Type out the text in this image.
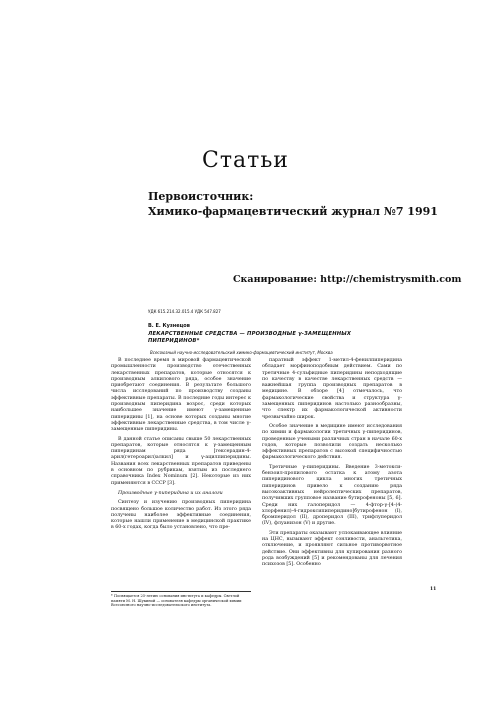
Статьи
Первоисточник:
Химико-фармацевтический журнал №7 1991
Сканирование: http://chemistrysmith.com
УДК 615.214.32.015.4 УДК 547.827
В. Е. Кузнецов
ЛЕКАРСТВЕННЫЕ СРЕДСТВА — ПРОИЗВОДНЫЕ γ-ЗАМЕЩЕННЫХ ПИПЕРИДИНОВ*
Всесоюзный научно-исследовательский химико-фармацевтический институт, Москва

В последнее время в мировой фармацевтической промышленности производство отечественных лекарственных препаратов, которые относятся к производным алкилового ряда, особое значение приобретают соединения. В результате большого числа исследований по производству созданы эффективные препараты. В последние годы интерес к производным пиперидина возрос, среди которых наибольшее значение имеют γ-замещенные пиперидины [1], на основе которых созданы многие эффективные лекарственные средства, в том числе γ-замещенные пиперидины.

В данной статье описаны свыше 50 лекарственных препаратов, которые относятся к γ-замещенным пиперидинам ряда [гексерадин-4-арил(гетероарил)алкил] и γ-ацилпиперидины. Названия всех лекарственных препаратов приведены в основном по рубрикам, взятым из последнего справочника Index Nominum [2]. Некоторые из них применяются в СССР [3].

Производные γ-пиперидина и их аналоги

Синтезу и изучению производных пиперидина посвящено большое количество работ. Из этого ряда получены наиболее эффективные соединения, которые нашли применение в медицинской практике в 60-х годах, когда было установлено, что пре-

паратный эффект 1-метил-4-фенилпиперидина обладает морфиноподобным действием. Сами по третичные 4-сульфидные пиперидины неподходящие по качеству в качестве лекарственных средств — важнейшая группа производных препаратов в медицине. В обзоре [4] отмечалось, что фармакологические свойства и структура γ-замещенных пиперидинов настолько разнообразны, что спектр их фармакологической активности чрезвычайно широк.

Особое значение в медицине имеют исследования по химии и фармакологии третичных γ-пиперидинов, проведенные учеными различных стран в начале 60-х годов, которые позволили создать несколько эффективных препаратов с высокой специфичностью фармакологического действия.

Третичные γ-пиперидины. Введение 3-метокси-бензоил-пропилового остатка к атому азота пиперидинового цикла многих третичных пиперидинов привело к созданию ряда высокоактивных нейролептических препаратов, получивших групповое название бутирофеноны [5, 6]. Среди них галоперидол — 4-фтор-γ-[4-(4-хлорфенил)-4-гидроксипиперидино]бутирофенон (I), бромперидол (II), дроперидол (III), трифлуперидол (IV), флуанизон (V) и другие.

Эти препараты оказывают успокаивающее влияние на ЦНС, вызывают эффект сонливости, анальгетика, отключение, и проявляют сильное противорвотное действие. Они эффективны для купирования разного рода возбуждений [5] и рекомендованы для лечения психозов [5]. Особенно

* Посвящается 25-летию основания института и кафедры. Светлой памяти М. Н. Шукиной — основателя кафедры органической химии Всесоюзного научно-исследовательского института.
11
